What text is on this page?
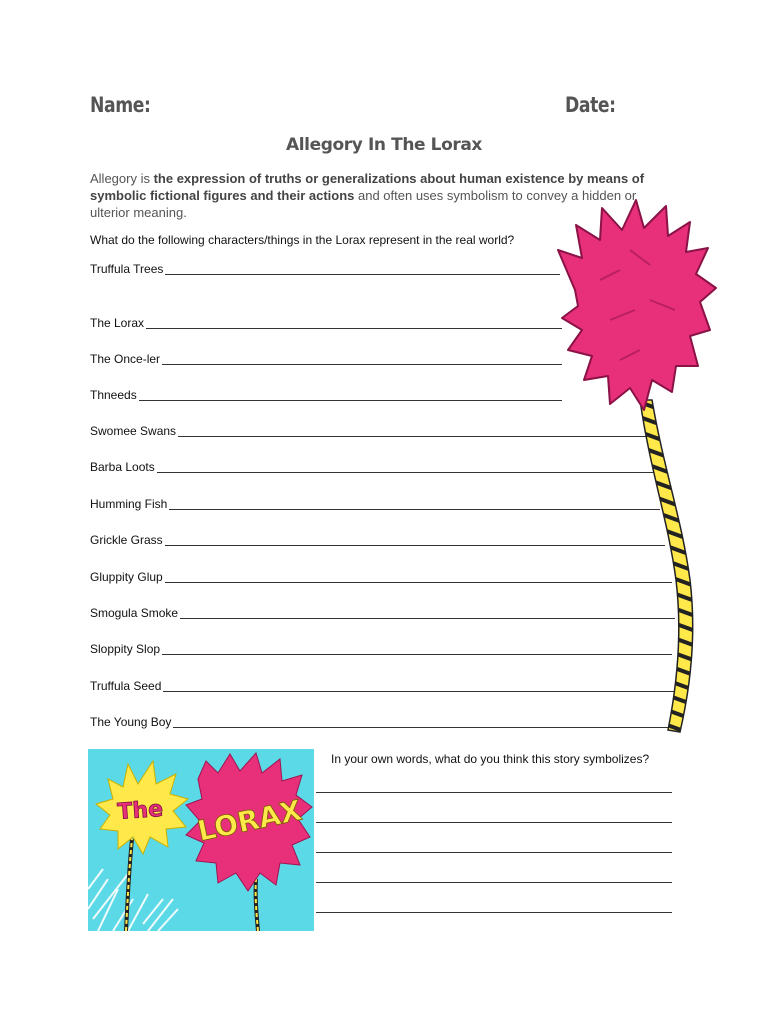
Name:	Date:
Allegory In The Lorax
Allegory is the expression of truths or generalizations about human existence by means of symbolic fictional figures and their actions and often uses symbolism to convey a hidden or ulterior meaning.
What do the following characters/things in the Lorax represent in the real world?
Truffula Trees
The Lorax
The Once-ler
Thneeds
Swomee Swans
Barba Loots
Humming Fish
Grickle Grass
Gluppity Glup
Smogula Smoke
Sloppity Slop
Truffula Seed
The Young Boy
In your own words, what do you think this story symbolizes?
The LORAX
